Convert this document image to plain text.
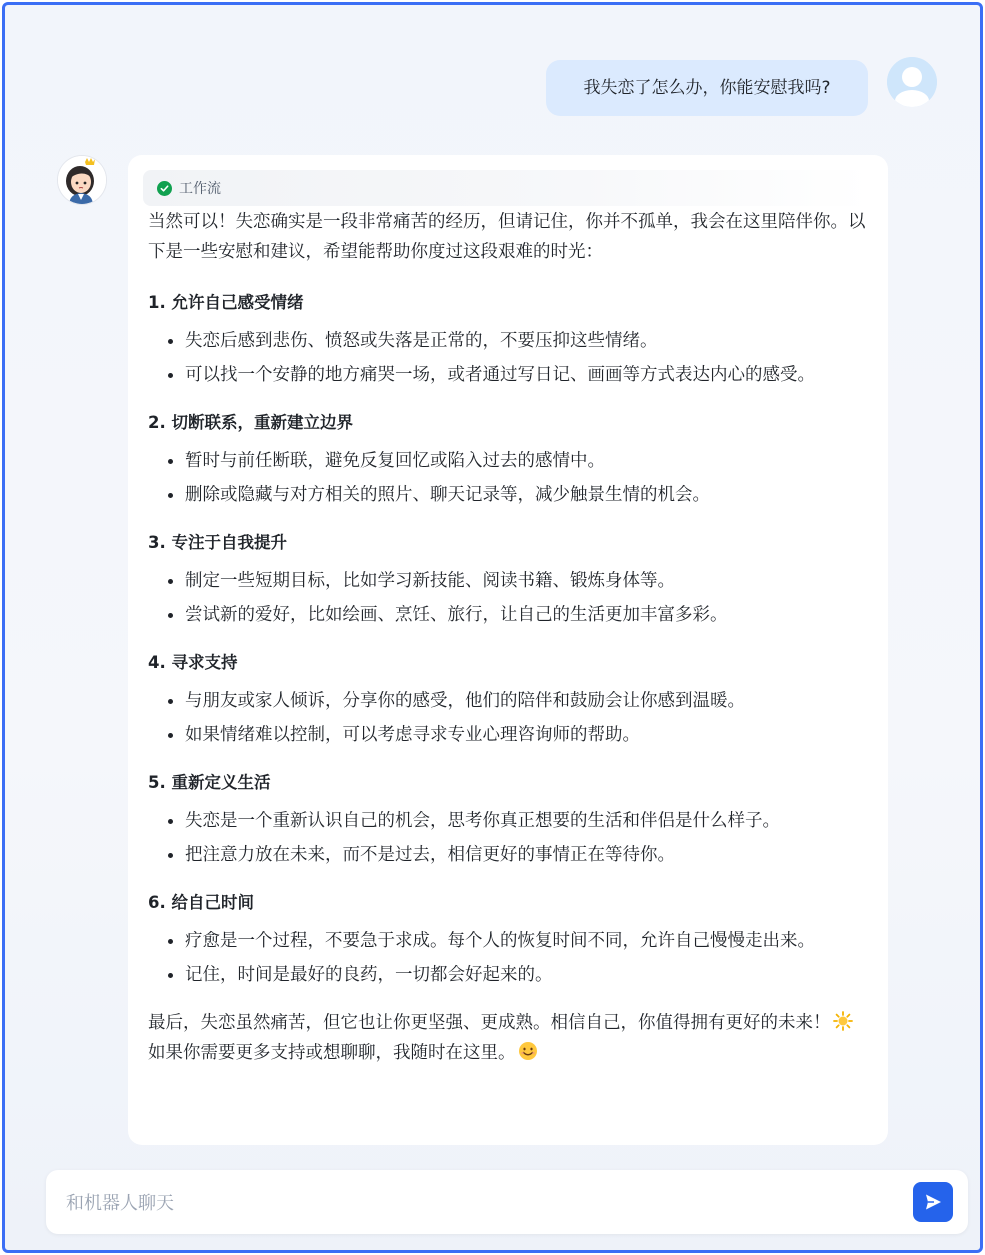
我失恋了怎么办，你能安慰我吗?
工作流

当然可以！失恋确实是一段非常痛苦的经历，但请记住，你并不孤单，我会在这里陪伴你。以下是一些安慰和建议，希望能帮助你度过这段艰难的时光：

1. 允许自己感受情绪
失恋后感到悲伤、愤怒或失落是正常的，不要压抑这些情绪。
可以找一个安静的地方痛哭一场，或者通过写日记、画画等方式表达内心的感受。
2. 切断联系，重新建立边界
暂时与前任断联，避免反复回忆或陷入过去的感情中。
删除或隐藏与对方相关的照片、聊天记录等，减少触景生情的机会。
3. 专注于自我提升
制定一些短期目标，比如学习新技能、阅读书籍、锻炼身体等。
尝试新的爱好，比如绘画、烹饪、旅行，让自己的生活更加丰富多彩。
4. 寻求支持
与朋友或家人倾诉，分享你的感受，他们的陪伴和鼓励会让你感到温暖。
如果情绪难以控制，可以考虑寻求专业心理咨询师的帮助。
5. 重新定义生活
失恋是一个重新认识自己的机会，思考你真正想要的生活和伴侣是什么样子。
把注意力放在未来，而不是过去，相信更好的事情正在等待你。
6. 给自己时间
疗愈是一个过程，不要急于求成。每个人的恢复时间不同，允许自己慢慢走出来。
记住，时间是最好的良药，一切都会好起来的。

最后，失恋虽然痛苦，但它也让你更坚强、更成熟。相信自己，你值得拥有更好的未来！如果你需要更多支持或想聊聊，我随时在这里。

和机器人聊天
